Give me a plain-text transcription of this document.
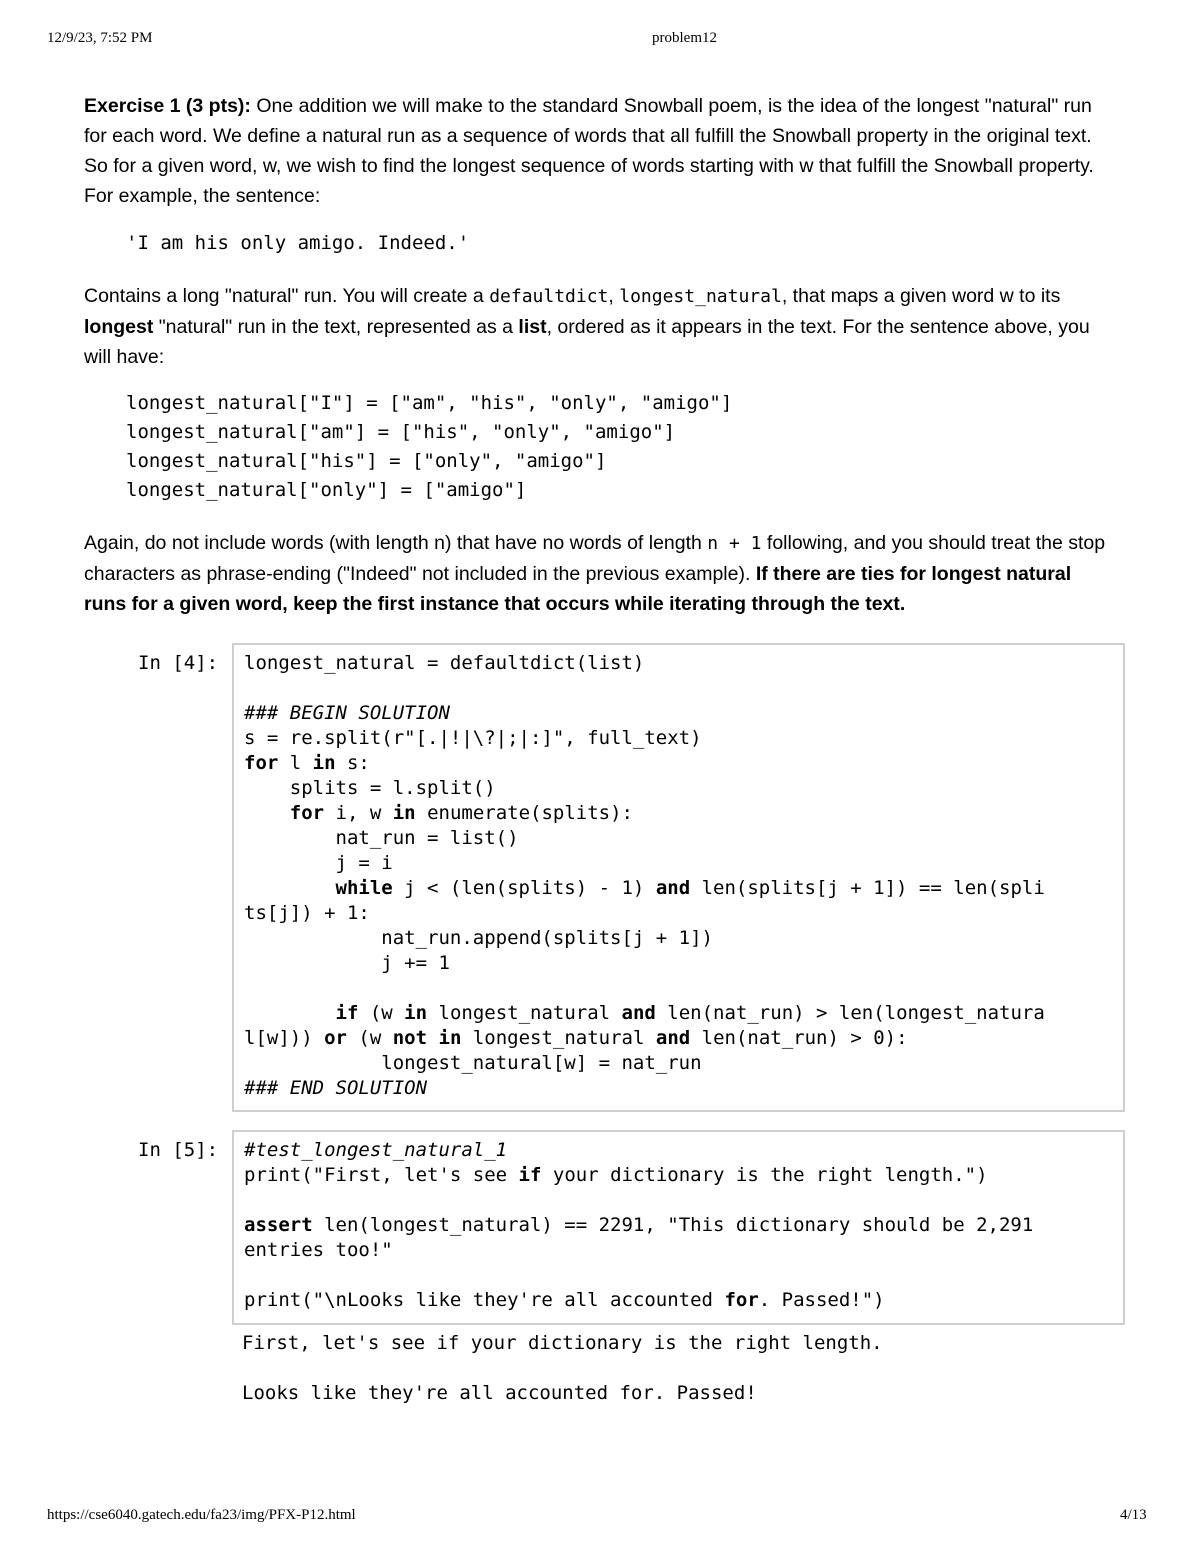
12/9/23, 7:52 PM	problem12

Exercise 1 (3 pts): One addition we will make to the standard Snowball poem, is the idea of the longest "natural" run for each word. We define a natural run as a sequence of words that all fulfill the Snowball property in the original text. So for a given word, w, we wish to find the longest sequence of words starting with w that fulfill the Snowball property. For example, the sentence:

'I am his only amigo. Indeed.'

Contains a long "natural" run. You will create a defaultdict, longest_natural, that maps a given word w to its longest "natural" run in the text, represented as a list, ordered as it appears in the text. For the sentence above, you will have:

longest_natural["I"] = ["am", "his", "only", "amigo"]
longest_natural["am"] = ["his", "only", "amigo"]
longest_natural["his"] = ["only", "amigo"]
longest_natural["only"] = ["amigo"]

Again, do not include words (with length n) that have no words of length n + 1 following, and you should treat the stop characters as phrase-ending ("Indeed" not included in the previous example). If there are ties for longest natural runs for a given word, keep the first instance that occurs while iterating through the text.

In [4]: longest_natural = defaultdict(list)
### BEGIN SOLUTION
s = re.split(r"[.|!|\?|;|:]", full_text)
for l in s:
splits = l.split()
for i, w in enumerate(splits):
nat_run = list()
j = i
while j < (len(splits) - 1) and len(splits[j + 1]) == len(spli
ts[j]) + 1:
nat_run.append(splits[j + 1])
j += 1
if (w in longest_natural and len(nat_run) > len(longest_natura
l[w])) or (w not in longest_natural and len(nat_run) > 0):
longest_natural[w] = nat_run
### END SOLUTION
In [5]: #test_longest_natural_1
print("First, let's see if your dictionary is the right length.")
assert len(longest_natural) == 2291, "This dictionary should be 2,291
entries too!"
print("\nLooks like they're all accounted for. Passed!")
First, let's see if your dictionary is the right length.
Looks like they're all accounted for. Passed!
https://cse6040.gatech.edu/fa23/img/PFX-P12.html	4/13
